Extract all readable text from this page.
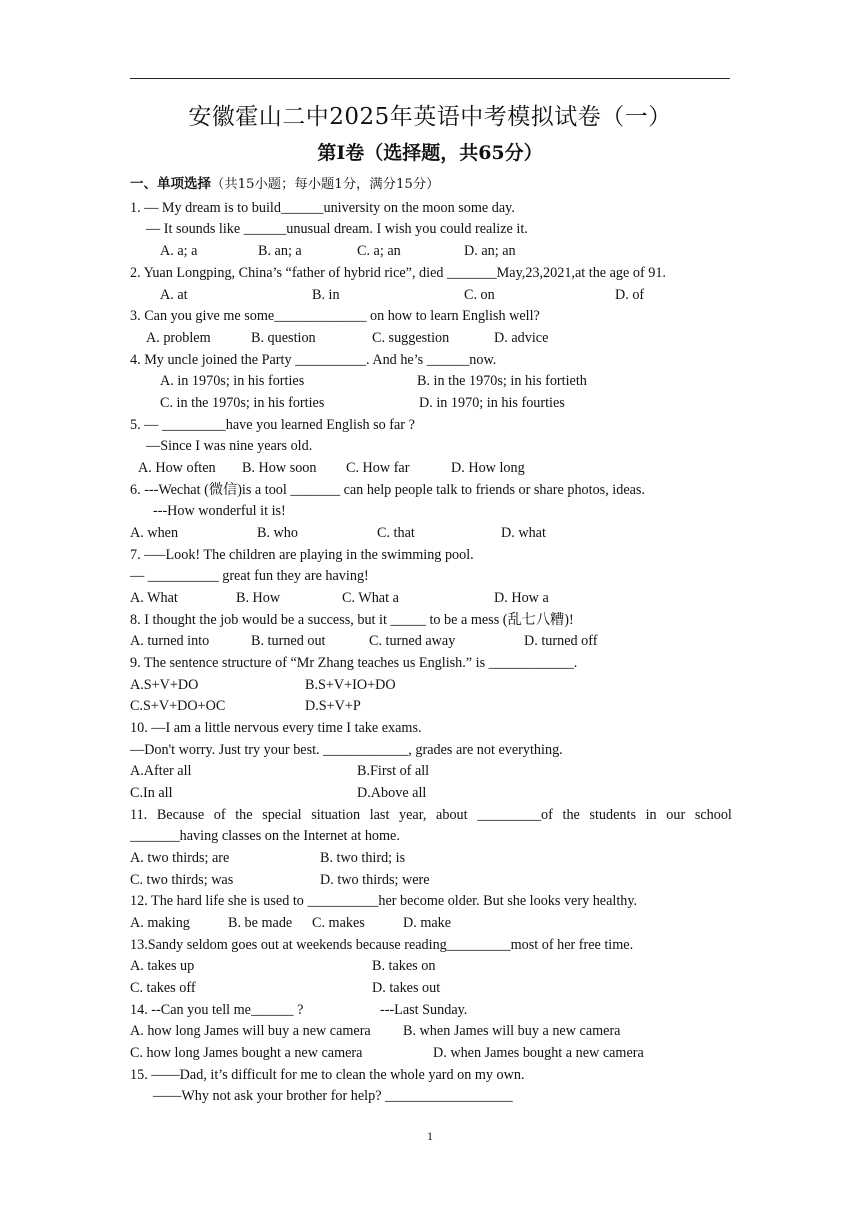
安徽霍山二中2025年英语中考模拟试卷（一）
第I卷（选择题，共65分）
一、单项选择（共15小题；每小题1分，满分15分）
1. — My dream is to build______university on the moon some day.
— It sounds like ______unusual dream. I wish you could realize it.
A. a; a	B. an; a	C. a; an	D. an; an
2. Yuan Longping, China’s “father of hybrid rice”, died _______May,23,2021,at the age of 91.
A. at	B. in	C. on	D. of
3. Can you give me some_____________ on how to learn English well?
A. problem	B. question	C. suggestion	D. advice
4. My uncle joined the Party __________. And he’s ______now.
A. in 1970s; in his forties	B. in the 1970s; in his fortieth
C. in the 1970s; in his forties	D. in 1970; in his fourties
5. — _________have you learned English so far ?
—Since I was nine years old.
A. How often B. How soon C. How far	D. How long
6. ---Wechat (微信)is a tool _______ can help people talk to friends or share photos, ideas.
---How wonderful it is!
A. when	B. who	C. that	D. what
7. —–Look! The children are playing in the swimming pool.
— __________ great fun they are having!
A. What	B. How	C. What a	D. How a
8. I thought the job would be a success, but it _____ to be a mess (乱七八糟)!
A. turned into	B. turned out	C. turned away	D. turned off
9. The sentence structure of “Mr Zhang teaches us English.” is ____________.
A.S+V+DO	B.S+V+IO+DO
C.S+V+DO+OC	D.S+V+P
10. —I am a little nervous every time I take exams.
—Don't worry. Just try your best. ____________, grades are not everything.
A.After all	B.First of all
C.In all	D.Above all
11. Because of the special situation last year, about _________of the students in our school
_______having classes on the Internet at home.
A. two thirds; are	B. two third; is
C. two thirds; was	D. two thirds; were
12. The hard life she is used to __________her become older. But she looks very healthy.
A. making	B. be made C. makes	D. make
13.Sandy seldom goes out at weekends because reading_________most of her free time.
A. takes up	B. takes on
C. takes off	D. takes out
14. --Can you tell me______ ?	---Last Sunday.
A. how long James will buy a new camera B. when James will buy a new camera
C. how long James bought a new camera	D. when James bought a new camera
15. ——Dad, it’s difficult for me to clean the whole yard on my own.
——Why not ask your brother for help? __________________
1
